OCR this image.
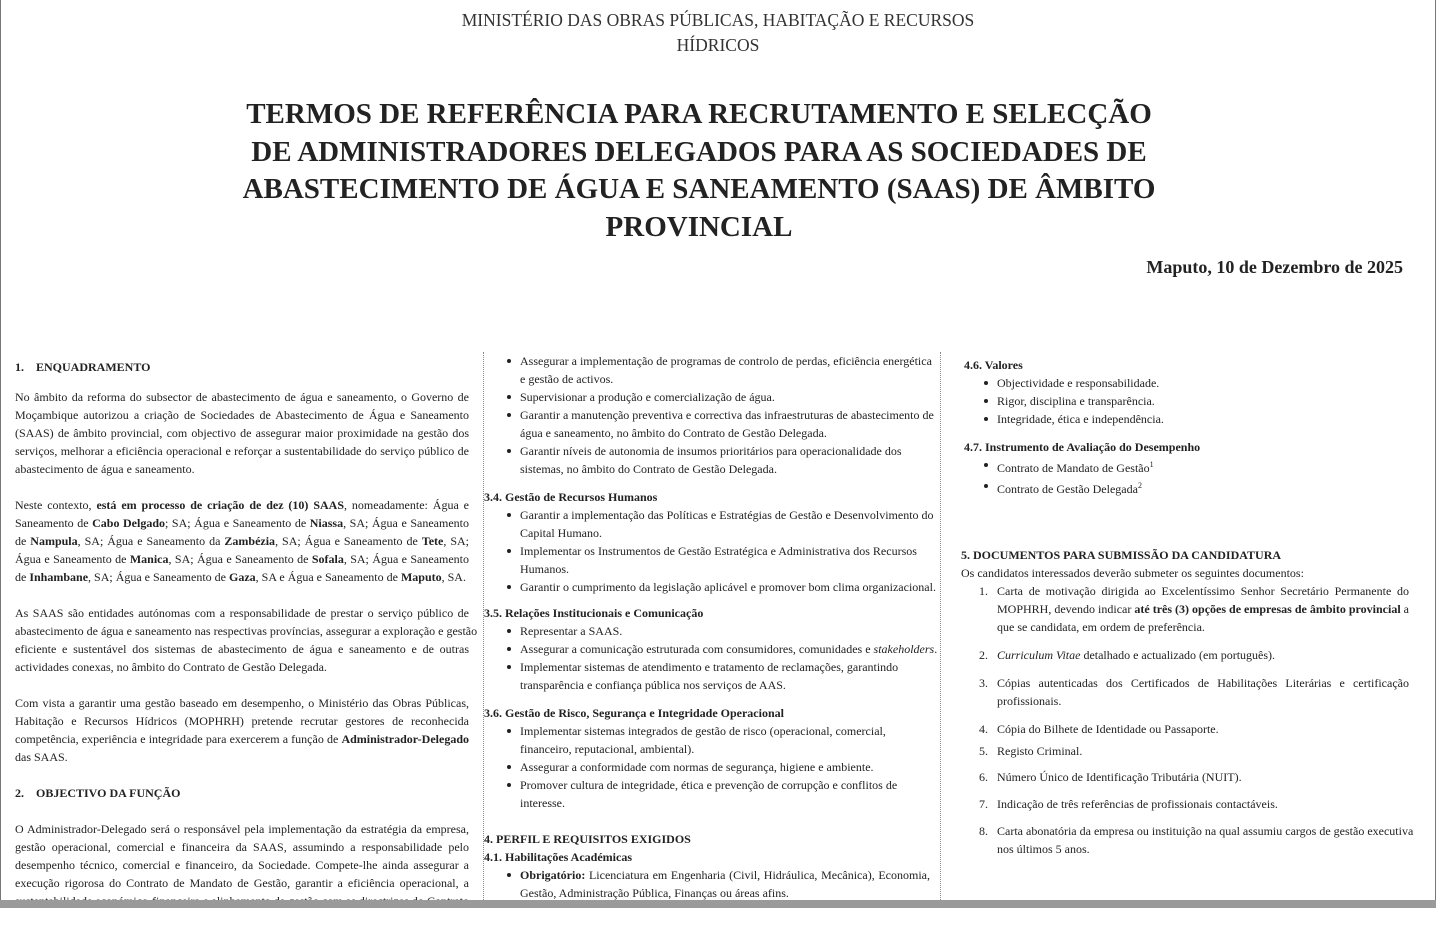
MINISTÉRIO DAS OBRAS PÚBLICAS, HABITAÇÃO E RECURSOS
HÍDRICOS
TERMOS DE REFERÊNCIA PARA RECRUTAMENTO E SELECÇÃO
DE ADMINISTRADORES DELEGADOS PARA AS SOCIEDADES DE
ABASTECIMENTO DE ÁGUA E SANEAMENTO (SAAS) DE ÂMBITO
PROVINCIAL
Maputo, 10 de Dezembro de 2025
1. ENQUADRAMENTO
No âmbito da reforma do subsector de abastecimento de água e saneamento, o Governo de
Moçambique autorizou a criação de Sociedades de Abastecimento de Água e Saneamento
(SAAS) de âmbito provincial, com objectivo de assegurar maior proximidade na gestão dos
serviços, melhorar a eficiência operacional e reforçar a sustentabilidade do serviço público de
abastecimento de água e saneamento.
Neste contexto, está em processo de criação de dez (10) SAAS, nomeadamente: Água e
Saneamento de Cabo Delgado; SA; Água e Saneamento de Niassa, SA; Água e Saneamento
de Nampula, SA; Água e Saneamento da Zambézia, SA; Água e Saneamento de Tete, SA;
Água e Saneamento de Manica, SA; Água e Saneamento de Sofala, SA; Água e Saneamento
de Inhambane, SA; Água e Saneamento de Gaza, SA e Água e Saneamento de Maputo, SA.
As SAAS são entidades autónomas com a responsabilidade de prestar o serviço público de
abastecimento de água e saneamento nas respectivas províncias, assegurar a exploração e gestão
eficiente e sustentável dos sistemas de abastecimento de água e saneamento e de outras
actividades conexas, no âmbito do Contrato de Gestão Delegada.
Com vista a garantir uma gestão baseado em desempenho, o Ministério das Obras Públicas,
Habitação e Recursos Hídricos (MOPHRH) pretende recrutar gestores de reconhecida
competência, experiência e integridade para exercerem a função de Administrador-Delegado
das SAAS.
2. OBJECTIVO DA FUNÇÃO
O Administrador-Delegado será o responsável pela implementação da estratégia da empresa,
gestão operacional, comercial e financeira da SAAS, assumindo a responsabilidade pelo
desempenho técnico, comercial e financeiro, da Sociedade. Compete-lhe ainda assegurar a
execução rigorosa do Contrato de Mandato de Gestão, garantir a eficiência operacional, a
Assegurar a implementação de programas de controlo de perdas, eficiência energética
e gestão de activos.
Supervisionar a produção e comercialização de água.
Garantir a manutenção preventiva e correctiva das infraestruturas de abastecimento de
água e saneamento, no âmbito do Contrato de Gestão Delegada.
Garantir níveis de autonomia de insumos prioritários para operacionalidade dos
sistemas, no âmbito do Contrato de Gestão Delegada.
3.4. Gestão de Recursos Humanos
Garantir a implementação das Políticas e Estratégias de Gestão e Desenvolvimento do
Capital Humano.
Implementar os Instrumentos de Gestão Estratégica e Administrativa dos Recursos
Humanos.
Garantir o cumprimento da legislação aplicável e promover bom clima organizacional.
3.5. Relações Institucionais e Comunicação
Representar a SAAS.
Assegurar a comunicação estruturada com consumidores, comunidades e stakeholders.
Implementar sistemas de atendimento e tratamento de reclamações, garantindo
transparência e confiança pública nos serviços de AAS.
3.6. Gestão de Risco, Segurança e Integridade Operacional
Implementar sistemas integrados de gestão de risco (operacional, comercial,
financeiro, reputacional, ambiental).
Assegurar a conformidade com normas de segurança, higiene e ambiente.
Promover cultura de integridade, ética e prevenção de corrupção e conflitos de
interesse.
4. PERFIL E REQUISITOS EXIGIDOS
4.1. Habilitações Académicas
Obrigatório: Licenciatura em Engenharia (Civil, Hidráulica, Mecânica), Economia,
Gestão, Administração Pública, Finanças ou áreas afins.
4.6. Valores
Objectividade e responsabilidade.
Rigor, disciplina e transparência.
Integridade, ética e independência.
4.7. Instrumento de Avaliação do Desempenho
Contrato de Mandato de Gestão$^1$
Contrato de Gestão Delegada$^2$
5. DOCUMENTOS PARA SUBMISSÃO DA CANDIDATURA
Os candidatos interessados deverão submeter os seguintes documentos:
1. Carta de motivação dirigida ao Excelentíssimo Senhor Secretário Permanente do
MOPHRH, devendo indicar até três (3) opções de empresas de âmbito provincial a
que se candidata, em ordem de preferência.
2. Curriculum Vitae detalhado e actualizado (em português).
3. Cópias autenticadas dos Certificados de Habilitações Literárias e certificação
profissionais.
4. Cópia do Bilhete de Identidade ou Passaporte.
5. Registo Criminal.
6. Número Único de Identificação Tributária (NUIT).
7. Indicação de três referências de profissionais contactáveis.
8. Carta abonatória da empresa ou instituição na qual assumiu cargos de gestão executiva
nos últimos 5 anos.
